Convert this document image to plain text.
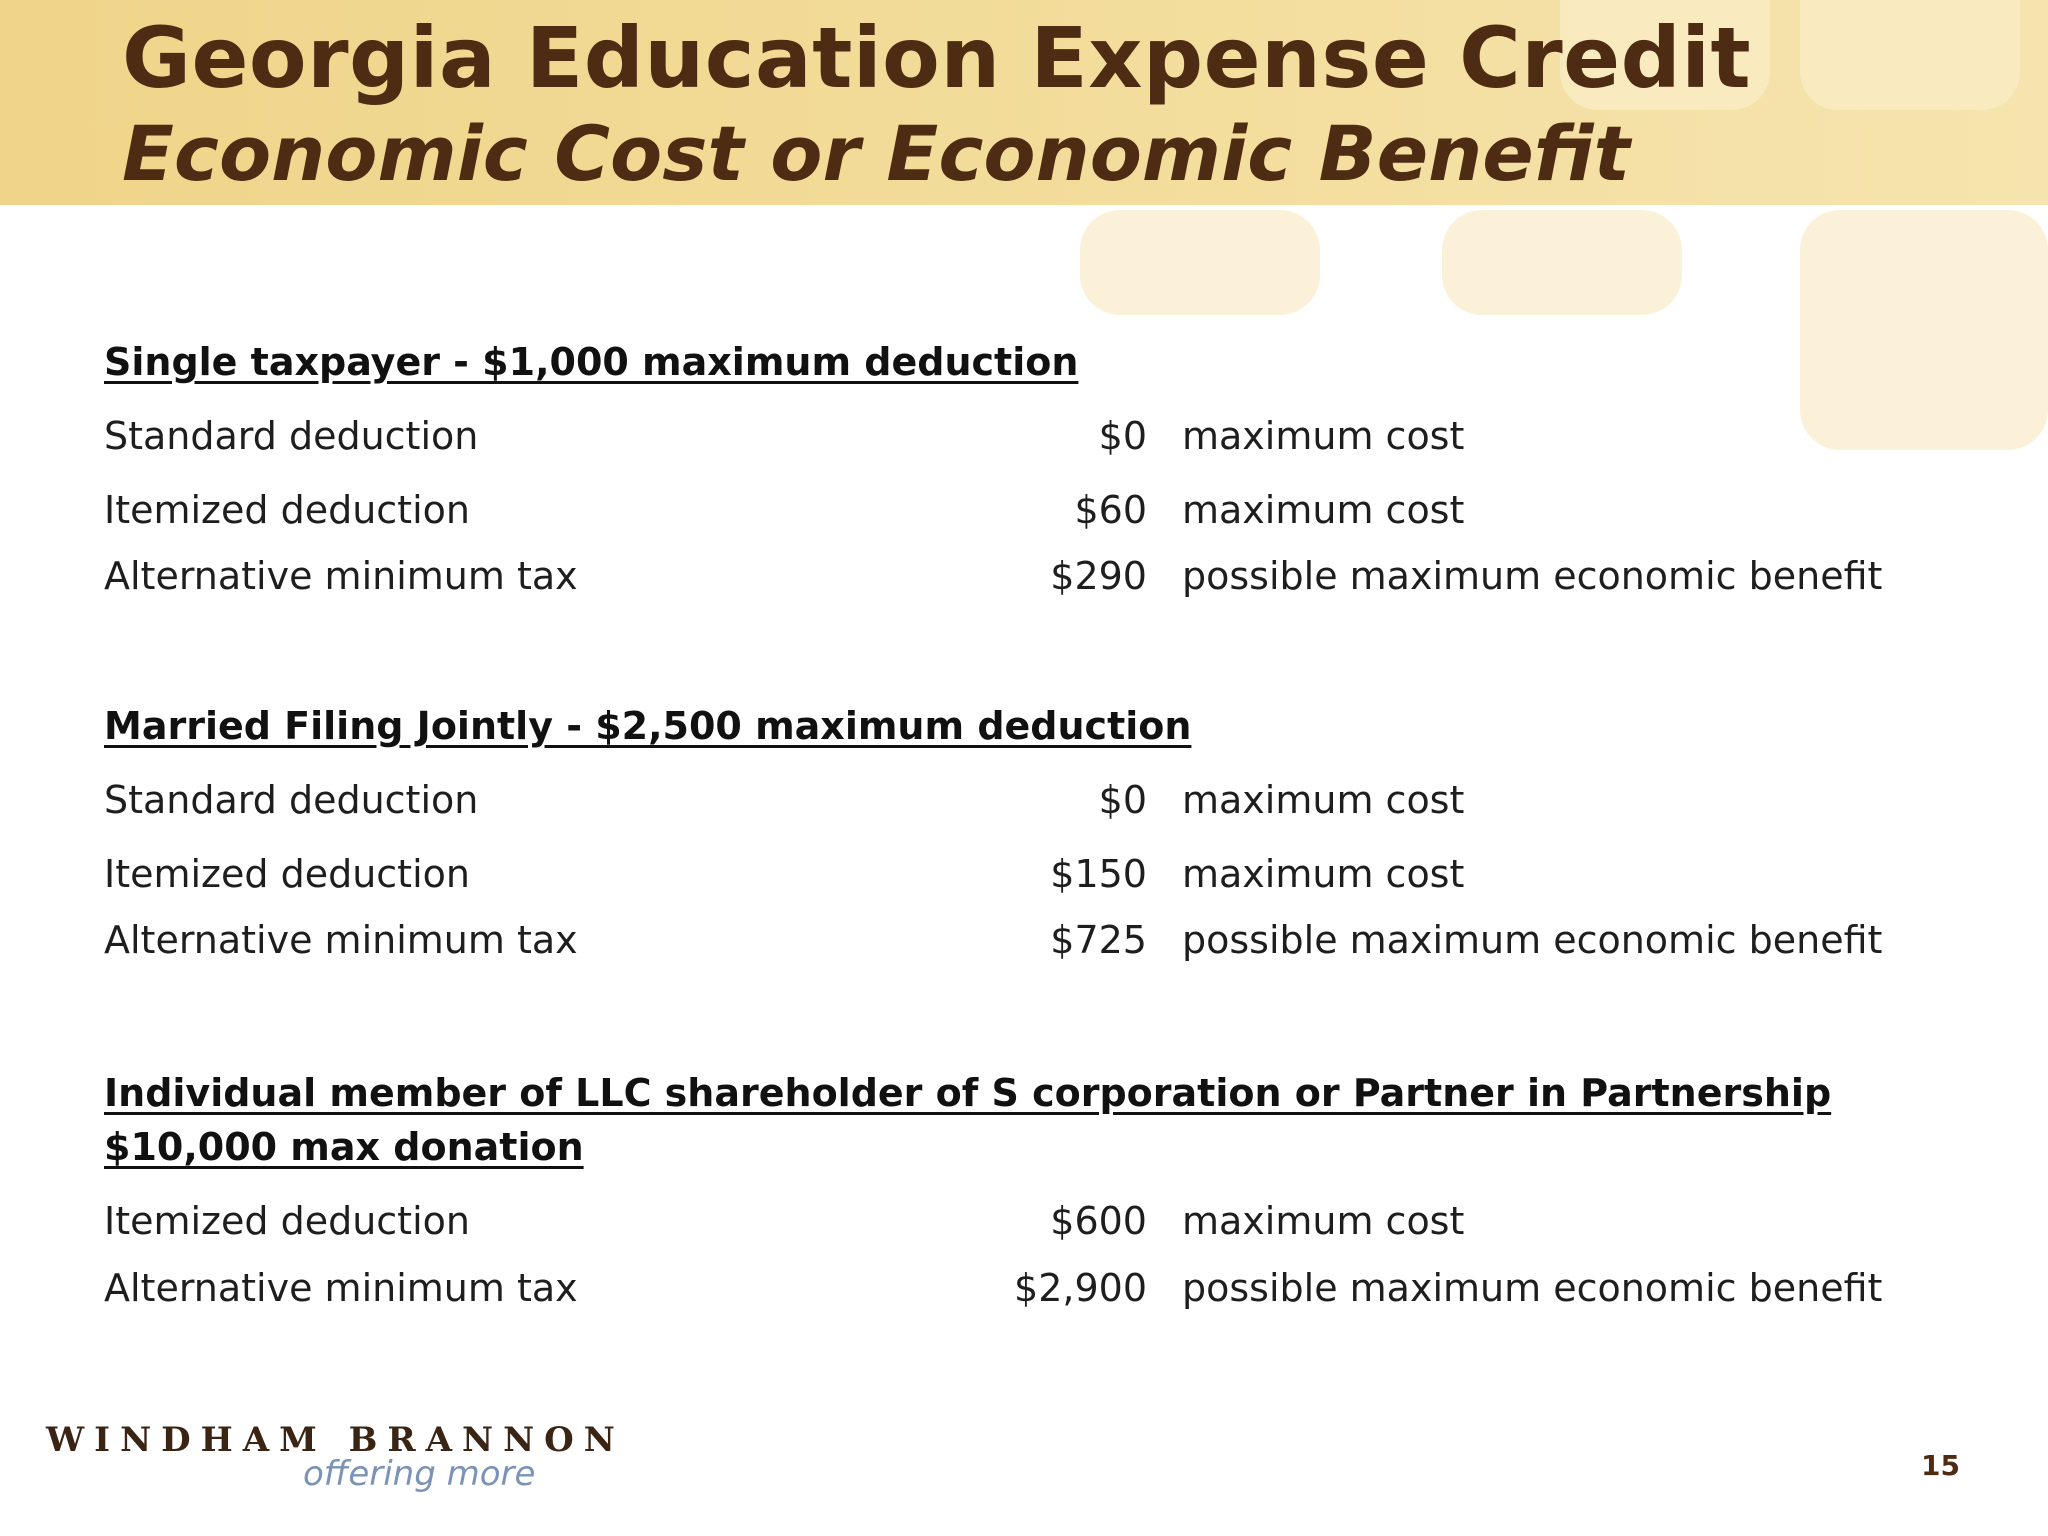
Georgia Education Expense Credit
Economic Cost or Economic Benefit
Single taxpayer - $1,000 maximum deduction
Standard deduction	$0 maximum cost
Itemized deduction	$60 maximum cost
Alternative minimum tax	$290 possible maximum economic benefit
Married Filing Jointly - $2,500 maximum deduction
Standard deduction	$0 maximum cost
Itemized deduction	$150 maximum cost
Alternative minimum tax	$725 possible maximum economic benefit
Individual member of LLC shareholder of S corporation or Partner in Partnership $10,000 max donation
Itemized deduction	$600 maximum cost
Alternative minimum tax	$2,900 possible maximum economic benefit
WINDHAM BRANNON
offering more	15
